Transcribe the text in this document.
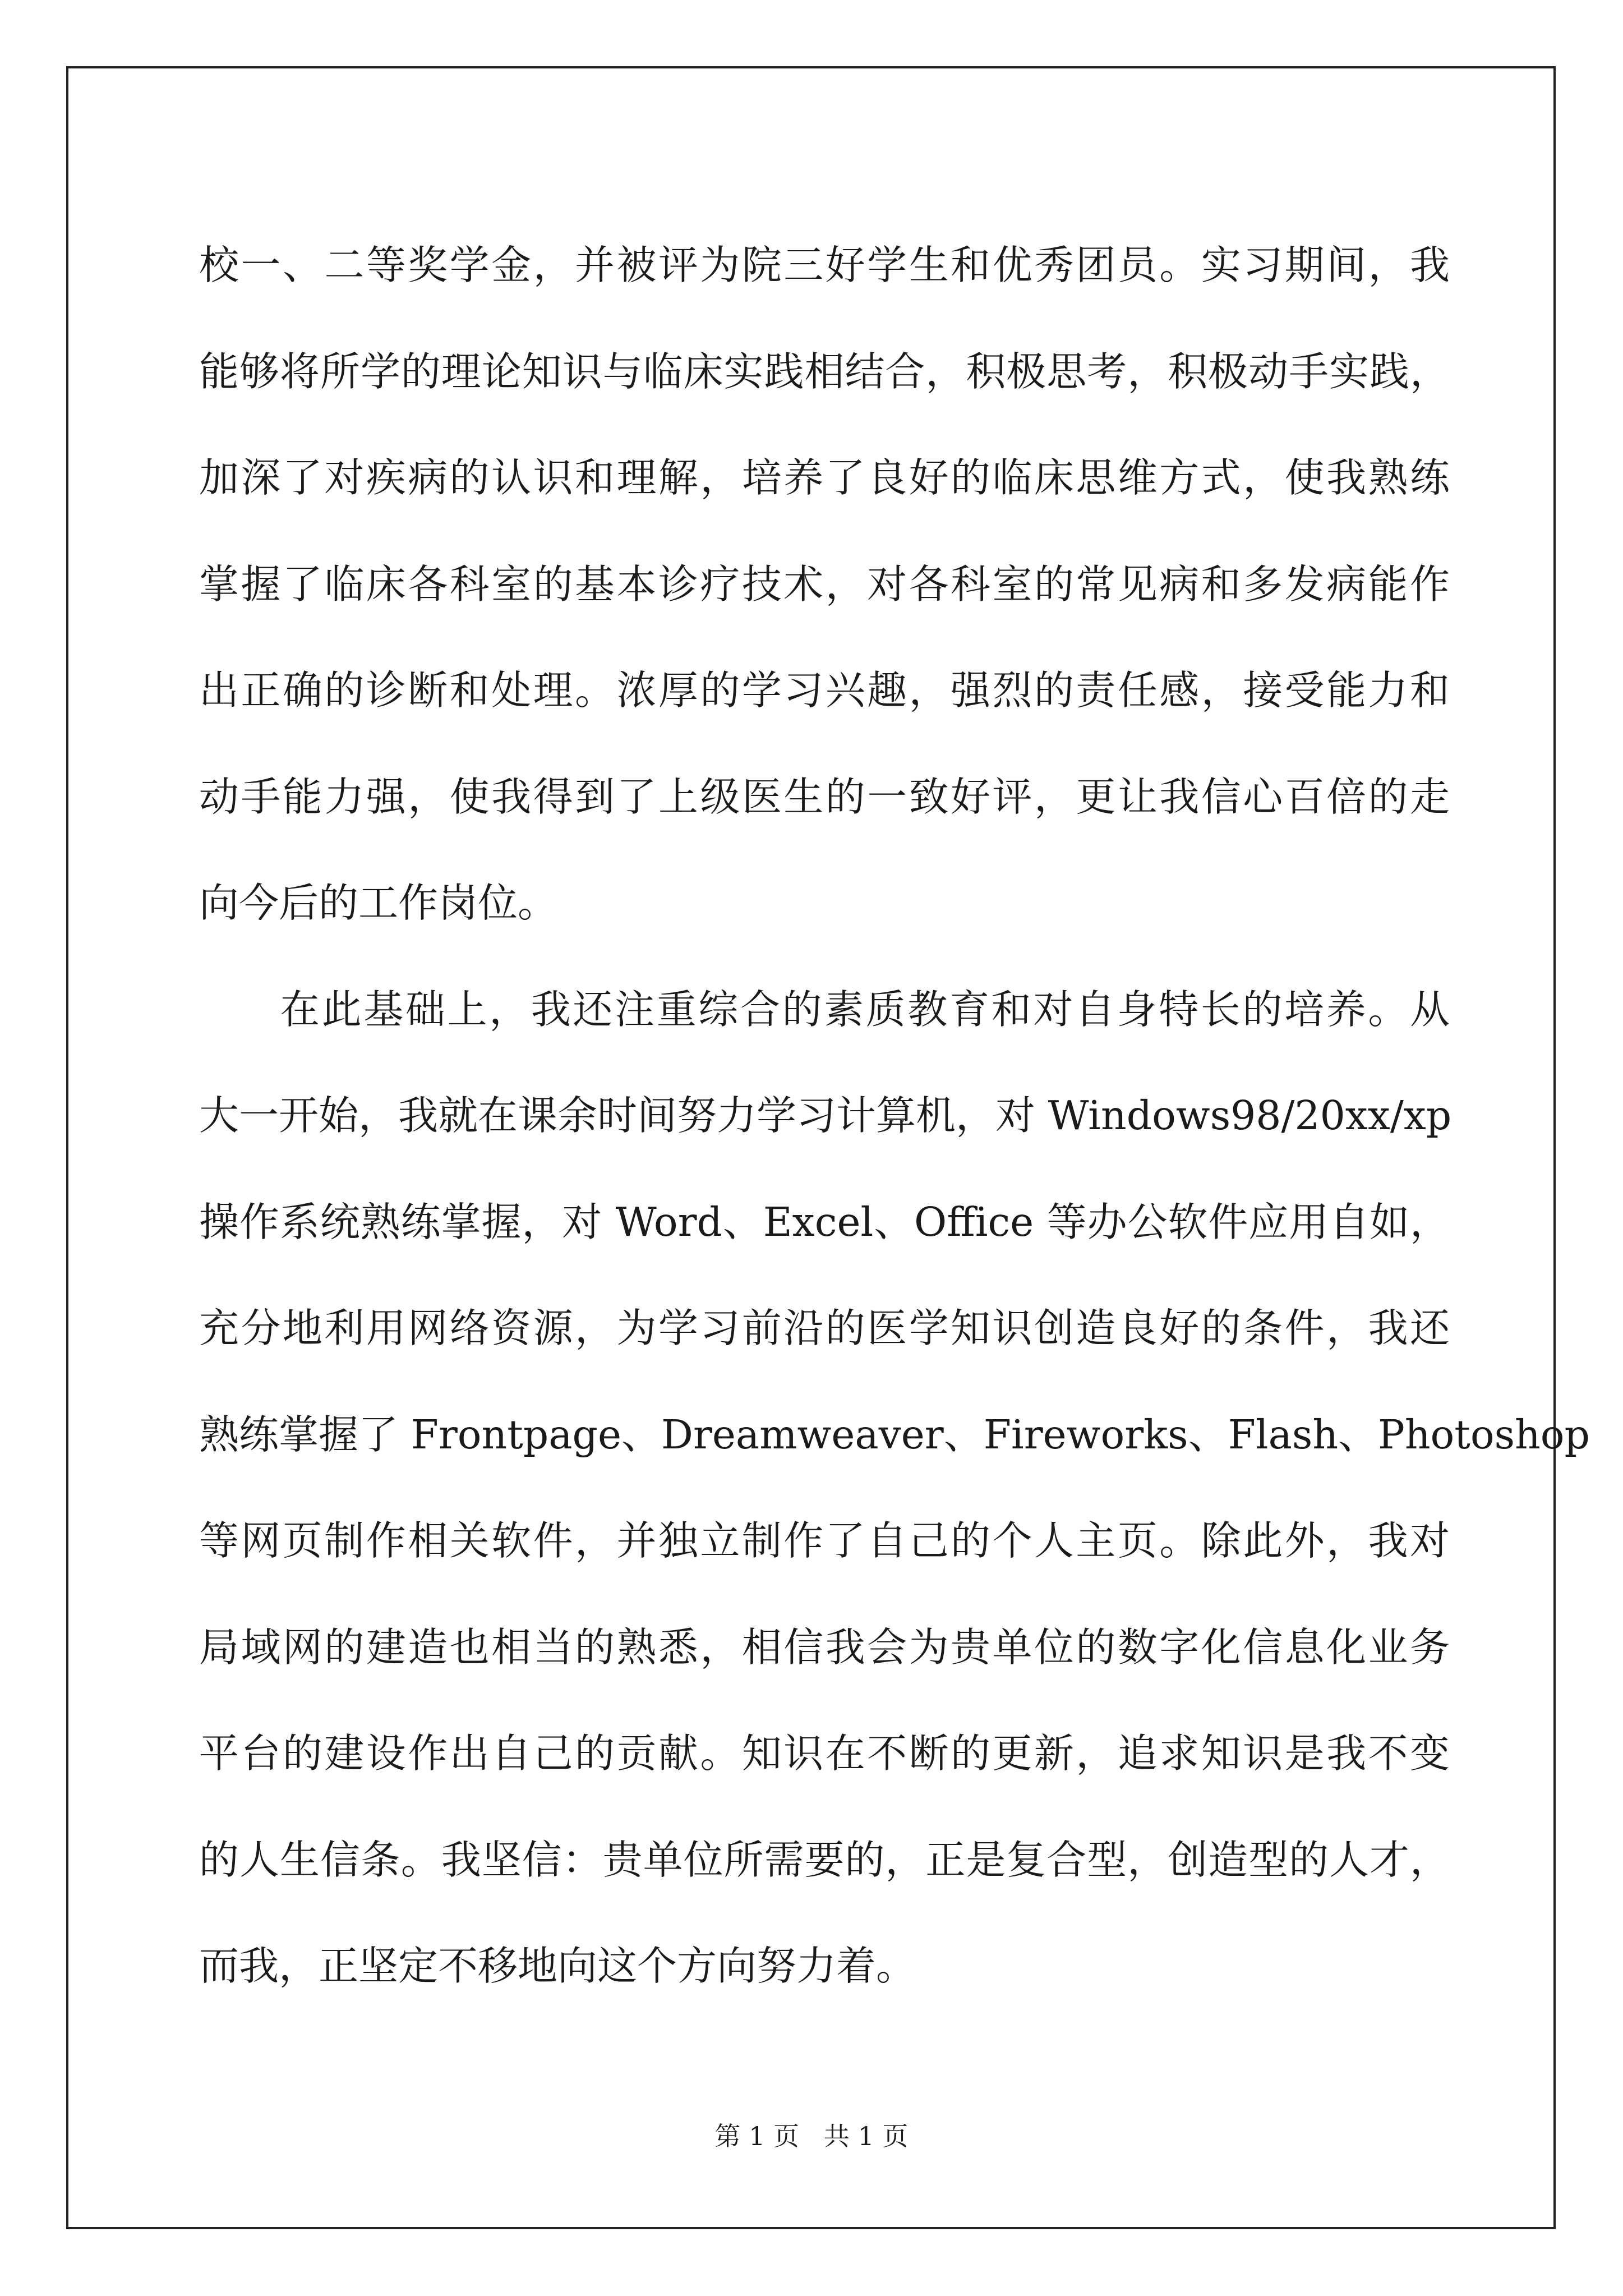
校一、二等奖学金，并被评为院三好学生和优秀团员。实习期间，我
能够将所学的理论知识与临床实践相结合，积极思考，积极动手实践，
加深了对疾病的认识和理解，培养了良好的临床思维方式，使我熟练
掌握了临床各科室的基本诊疗技术，对各科室的常见病和多发病能作
出正确的诊断和处理。浓厚的学习兴趣，强烈的责任感，接受能力和
动手能力强，使我得到了上级医生的一致好评，更让我信心百倍的走
向今后的工作岗位。
在此基础上，我还注重综合的素质教育和对自身特长的培养。从
大一开始，我就在课余时间努力学习计算机，对 Windows98/20xx/xp
操作系统熟练掌握，对 Word、Excel、Office 等办公软件应用自如，
充分地利用网络资源，为学习前沿的医学知识创造良好的条件，我还
熟练掌握了 Frontpage、Dreamweaver、Fireworks、Flash、Photoshop
等网页制作相关软件，并独立制作了自己的个人主页。除此外，我对
局域网的建造也相当的熟悉，相信我会为贵单位的数字化信息化业务
平台的建设作出自己的贡献。知识在不断的更新，追求知识是我不变
的人生信条。我坚信：贵单位所需要的，正是复合型，创造型的人才，
而我，正坚定不移地向这个方向努力着。
第 1 页   共 1 页
